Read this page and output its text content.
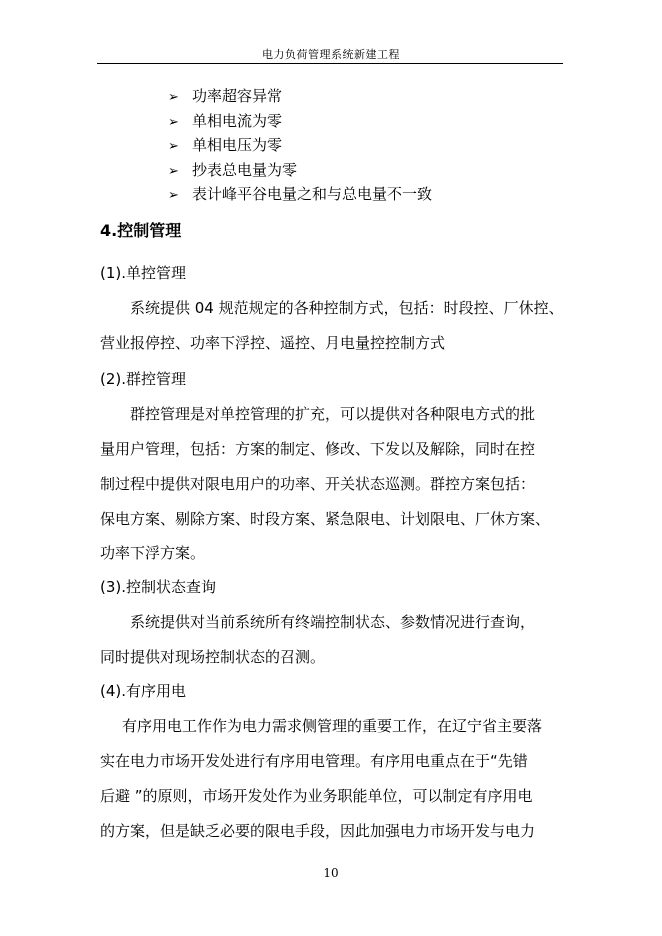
电力负荷管理系统新建工程
➢ 功率超容异常
➢ 单相电流为零
➢ 单相电压为零
➢ 抄表总电量为零
➢ 表计峰平谷电量之和与总电量不一致
4.控制管理
(1).单控管理
系统提供 04 规范规定的各种控制方式，包括：时段控、厂休控、
营业报停控、功率下浮控、遥控、月电量控控制方式
(2).群控管理
群控管理是对单控管理的扩充，可以提供对各种限电方式的批
量用户管理，包括：方案的制定、修改、下发以及解除，同时在控
制过程中提供对限电用户的功率、开关状态巡测。群控方案包括：
保电方案、剔除方案、时段方案、紧急限电、计划限电、厂休方案、
功率下浮方案。
(3).控制状态查询
系统提供对当前系统所有终端控制状态、参数情况进行查询，
同时提供对现场控制状态的召测。
(4).有序用电
有序用电工作作为电力需求侧管理的重要工作，在辽宁省主要落
实在电力市场开发处进行有序用电管理。有序用电重点在于“先错
后避 ”的原则，市场开发处作为业务职能单位，可以制定有序用电
的方案，但是缺乏必要的限电手段，因此加强电力市场开发与电力
10
